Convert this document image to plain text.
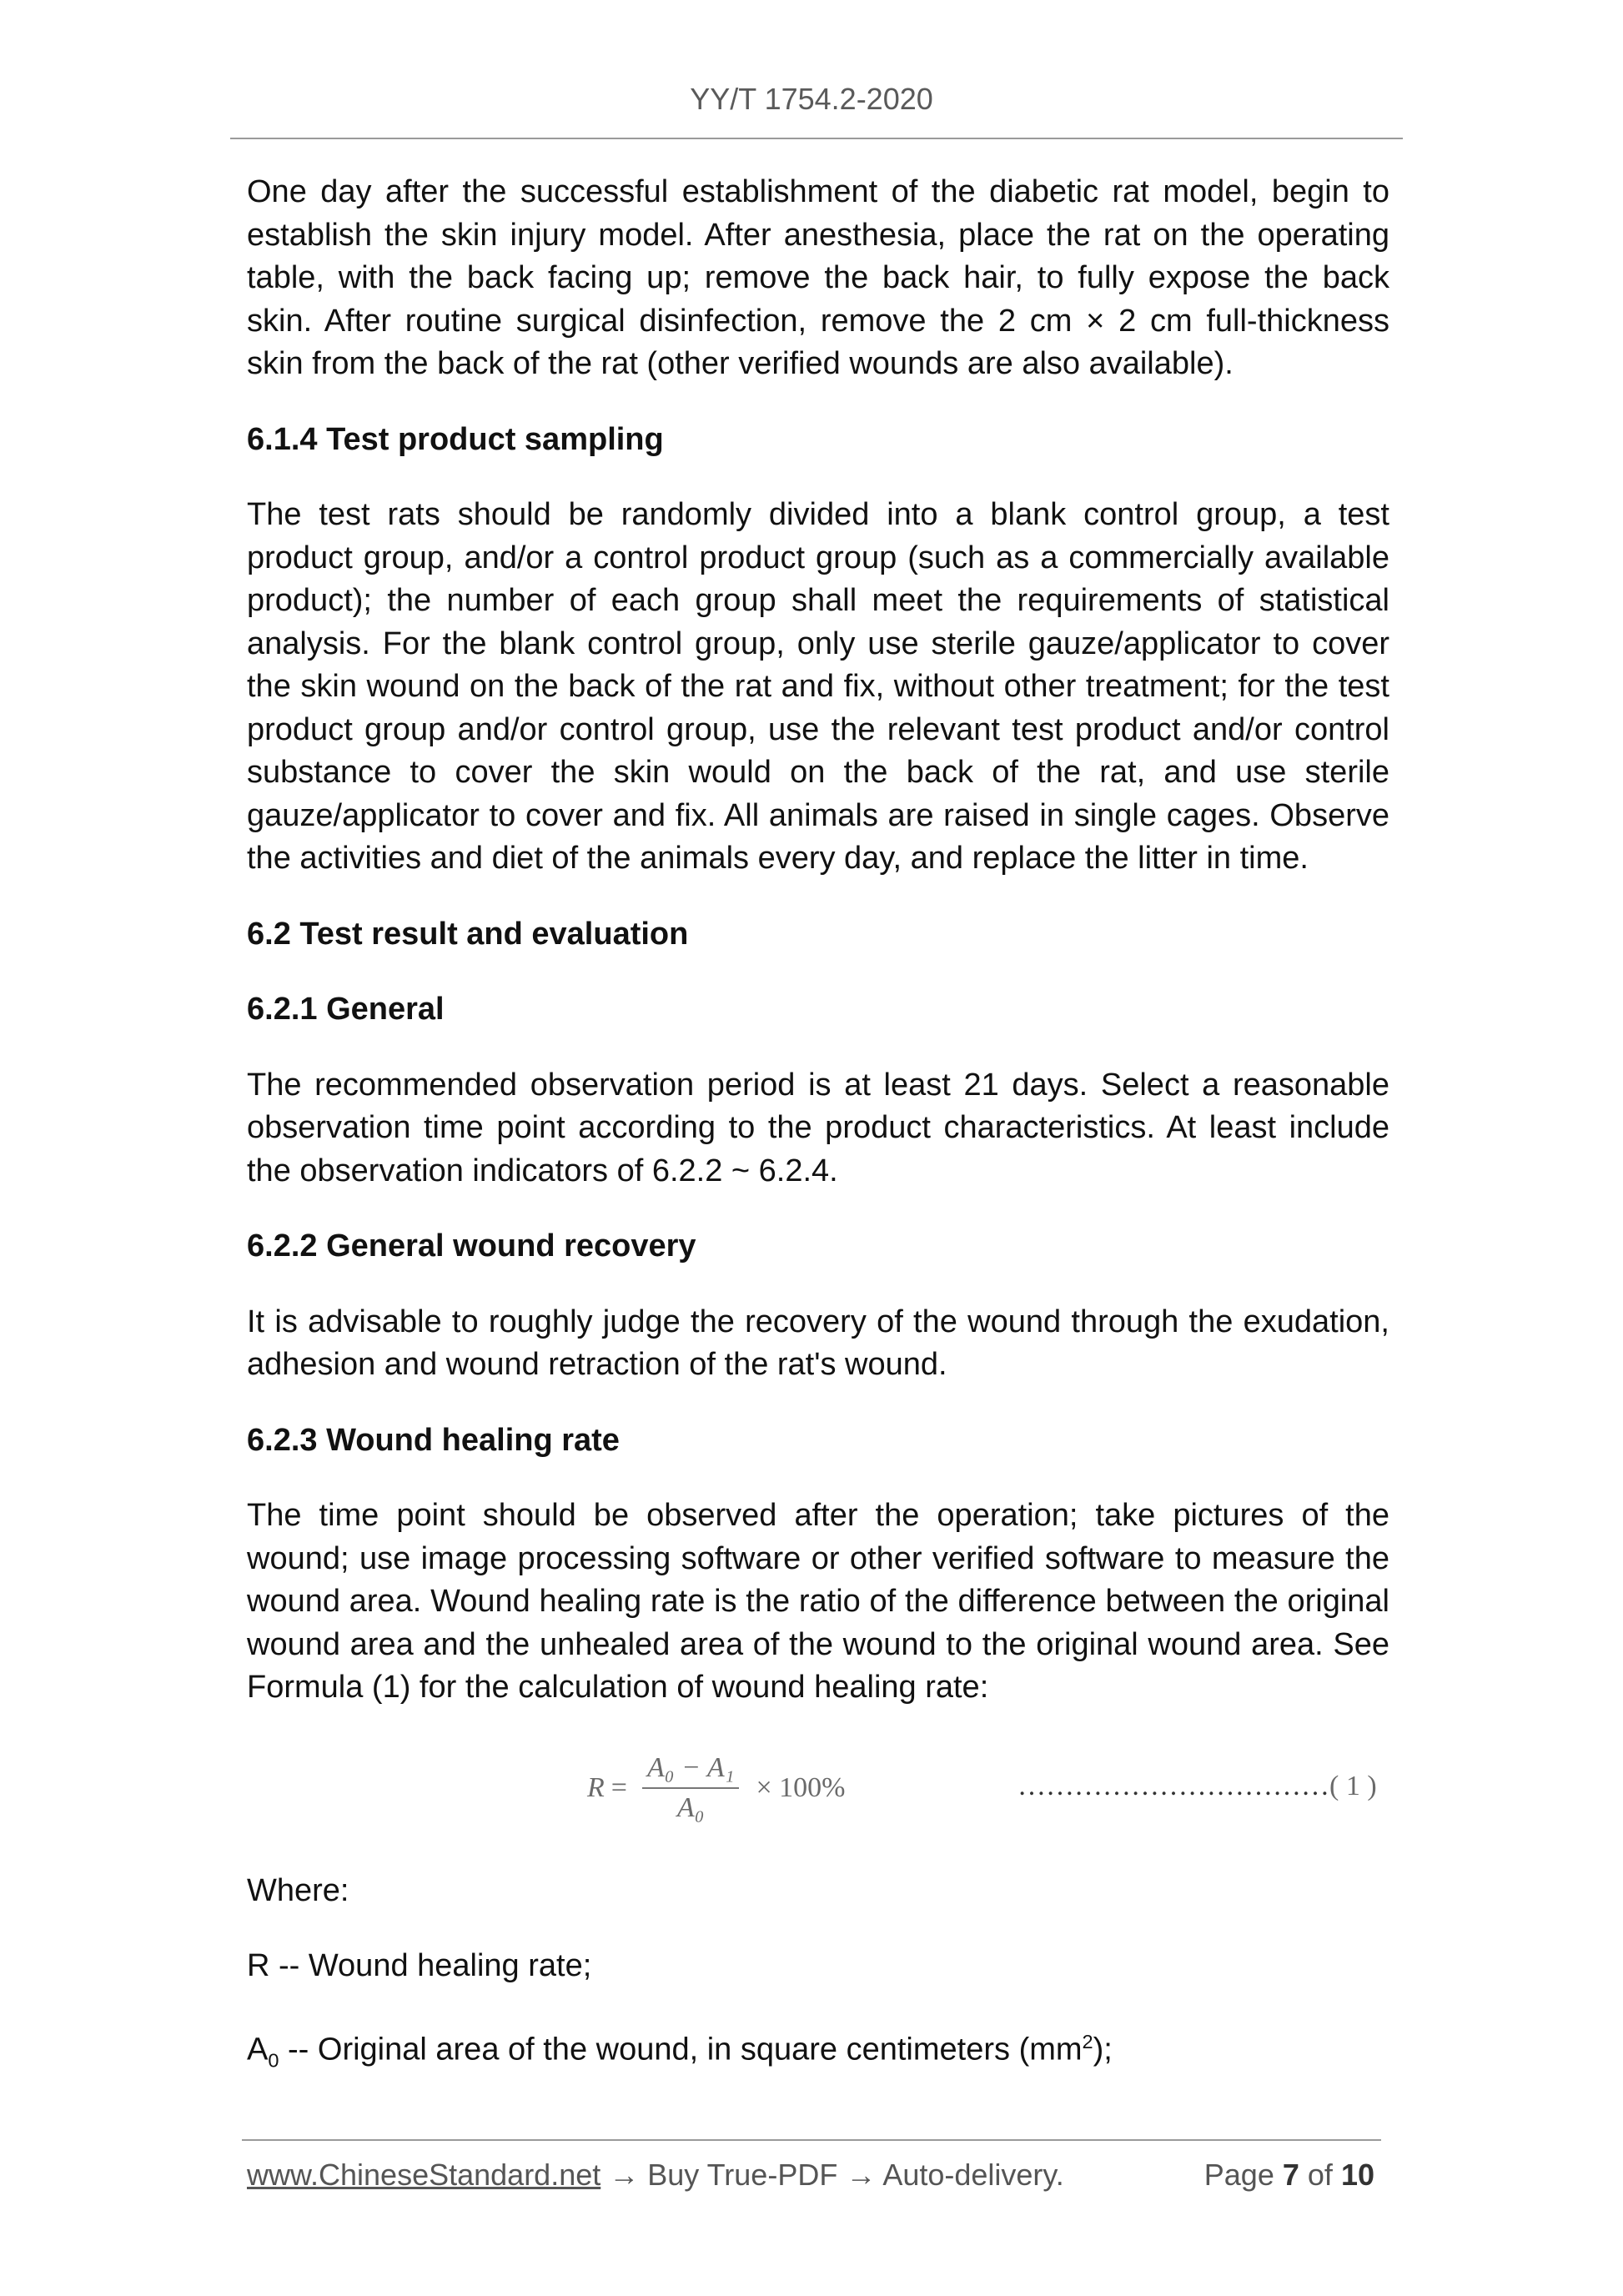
YY/T 1754.2-2020

One day after the successful establishment of the diabetic rat model, begin to establish the skin injury model. After anesthesia, place the rat on the operating table, with the back facing up; remove the back hair, to fully expose the back skin. After routine surgical disinfection, remove the 2 cm × 2 cm full-thickness skin from the back of the rat (other verified wounds are also available).

6.1.4 Test product sampling

The test rats should be randomly divided into a blank control group, a test product group, and/or a control product group (such as a commercially available product); the number of each group shall meet the requirements of statistical analysis. For the blank control group, only use sterile gauze/applicator to cover the skin wound on the back of the rat and fix, without other treatment; for the test product group and/or control group, use the relevant test product and/or control substance to cover the skin would on the back of the rat, and use sterile gauze/applicator to cover and fix. All animals are raised in single cages. Observe the activities and diet of the animals every day, and replace the litter in time.

6.2 Test result and evaluation
6.2.1 General

The recommended observation period is at least 21 days. Select a reasonable observation time point according to the product characteristics. At least include the observation indicators of 6.2.2 ~ 6.2.4.

6.2.2 General wound recovery

It is advisable to roughly judge the recovery of the wound through the exudation, adhesion and wound retraction of the rat's wound.

6.2.3 Wound healing rate

The time point should be observed after the operation; take pictures of the wound; use image processing software or other verified software to measure the wound area. Wound healing rate is the ratio of the difference between the original wound area and the unhealed area of the wound to the original wound area. See Formula (1) for the calculation of wound healing rate:

$R = \frac{\text{A₀ − A₁}}{\text{A₀}} \times 100\%$	……………………………( 1 )

Where:

R -- Wound healing rate;

$A_0$ -- Original area of the wound, in square centimeters $(mm^2)$;

www.ChineseStandard.net → Buy True-PDF → Auto-delivery.	Page 7 of 10
